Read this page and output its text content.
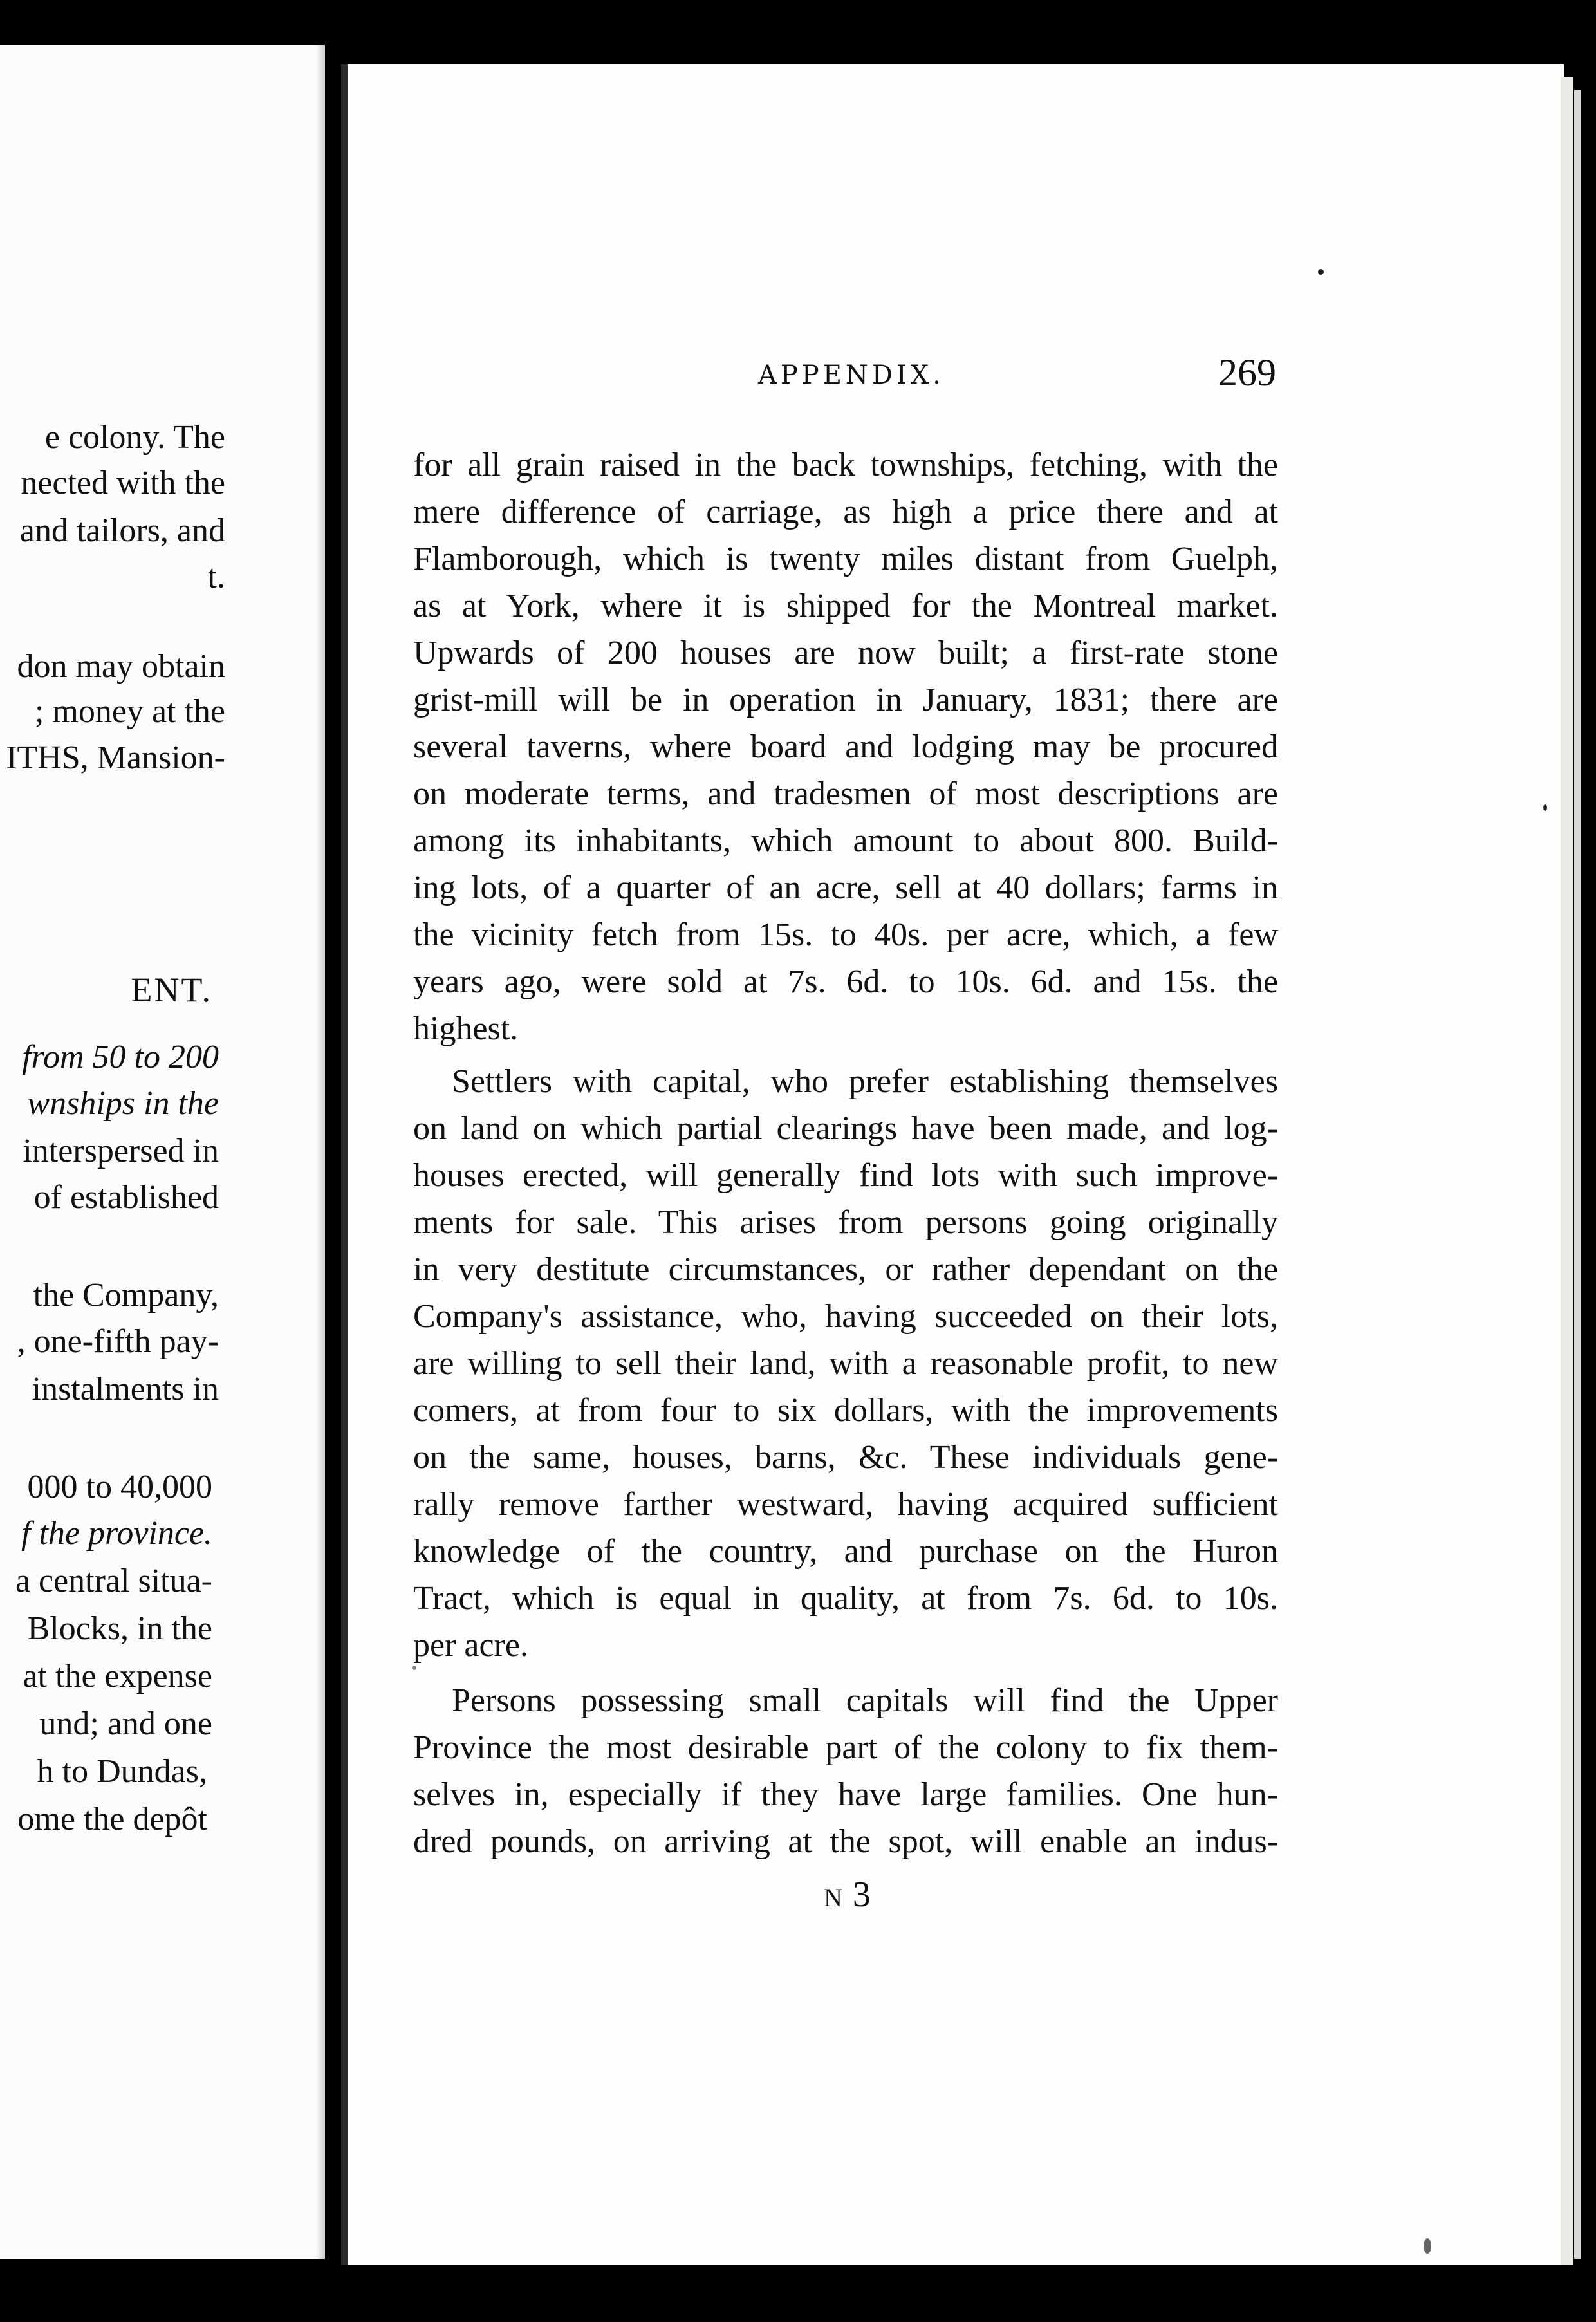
e colony. The
nected with the
and tailors, and
t.
don may obtain
; money at the
ITHS, Mansion-
ENT.
from 50 to 200
wnships in the
interspersed in
of established
the Company,
, one-fifth pay-
instalments in
000 to 40,000
f the province.
a central situa-
Blocks, in the
at the expense
und; and one
h to Dundas,
ome the depôt
APPENDIX.	269
for all grain raised in the back townships, fetching, with the
mere difference of carriage, as high a price there and at
Flamborough, which is twenty miles distant from Guelph,
as at York, where it is shipped for the Montreal market.
Upwards of 200 houses are now built; a first-rate stone
grist-mill will be in operation in January, 1831; there are
several taverns, where board and lodging may be procured
on moderate terms, and tradesmen of most descriptions are
among its inhabitants, which amount to about 800. Build-
ing lots, of a quarter of an acre, sell at 40 dollars; farms in
the vicinity fetch from 15s. to 40s. per acre, which, a few
years ago, were sold at 7s. 6d. to 10s. 6d. and 15s. the
highest.
Settlers with capital, who prefer establishing themselves
on land on which partial clearings have been made, and log-
houses erected, will generally find lots with such improve-
ments for sale. This arises from persons going originally
in very destitute circumstances, or rather dependant on the
Company's assistance, who, having succeeded on their lots,
are willing to sell their land, with a reasonable profit, to new
comers, at from four to six dollars, with the improvements
on the same, houses, barns, &c. These individuals gene-
rally remove farther westward, having acquired sufficient
knowledge of the country, and purchase on the Huron
Tract, which is equal in quality, at from 7s. 6d. to 10s.
per acre.
Persons possessing small capitals will find the Upper
Province the most desirable part of the colony to fix them-
selves in, especially if they have large families. One hun-
dred pounds, on arriving at the spot, will enable an indus-
N 3
